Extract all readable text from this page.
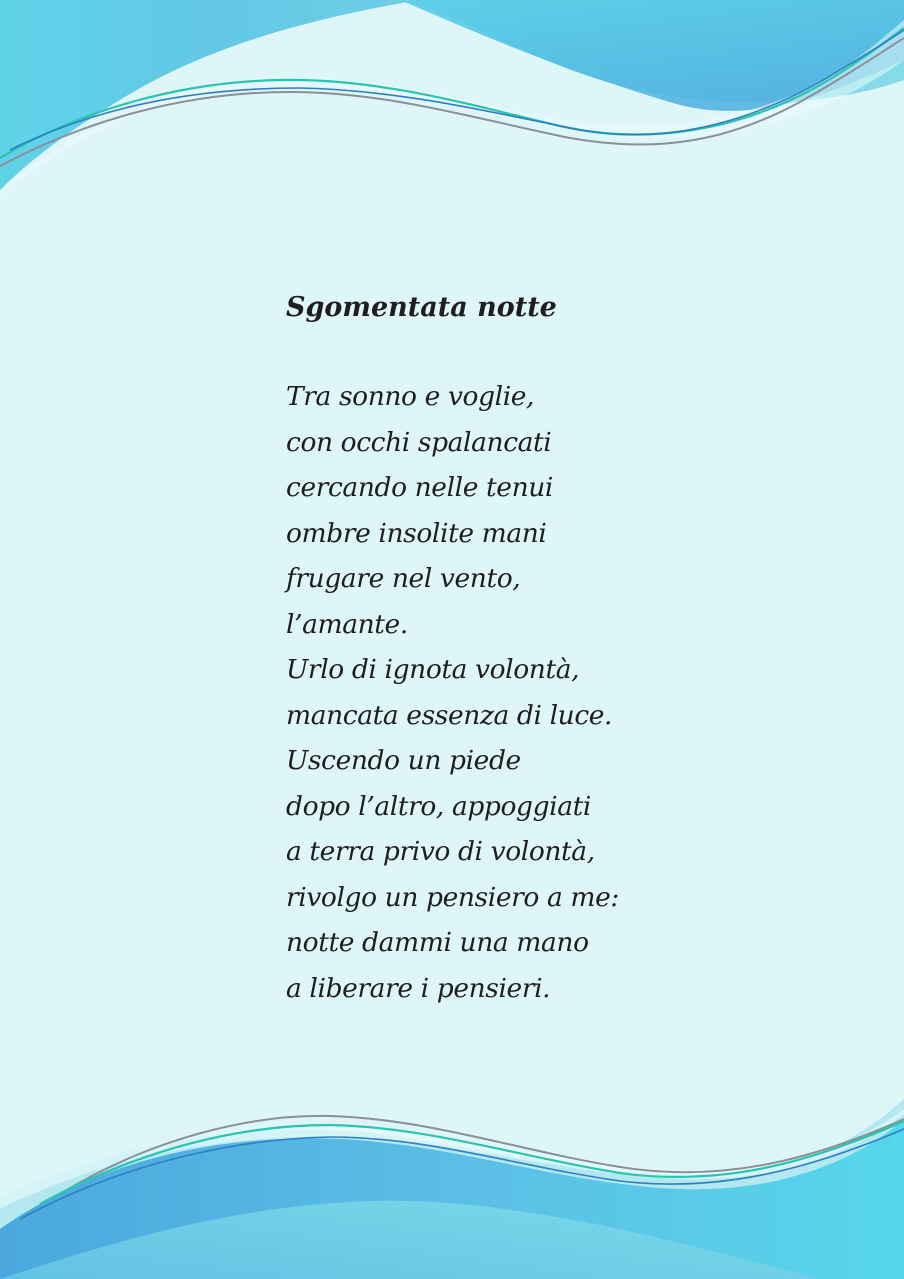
Sgomentata notte
Tra sonno e voglie,
con occhi spalancati
cercando nelle tenui
ombre insolite mani
frugare nel vento,
l’amante.
Urlo di ignota volontà,
mancata essenza di luce.
Uscendo un piede
dopo l’altro, appoggiati
a terra privo di volontà,
rivolgo un pensiero a me:
notte dammi una mano
a liberare i pensieri.
